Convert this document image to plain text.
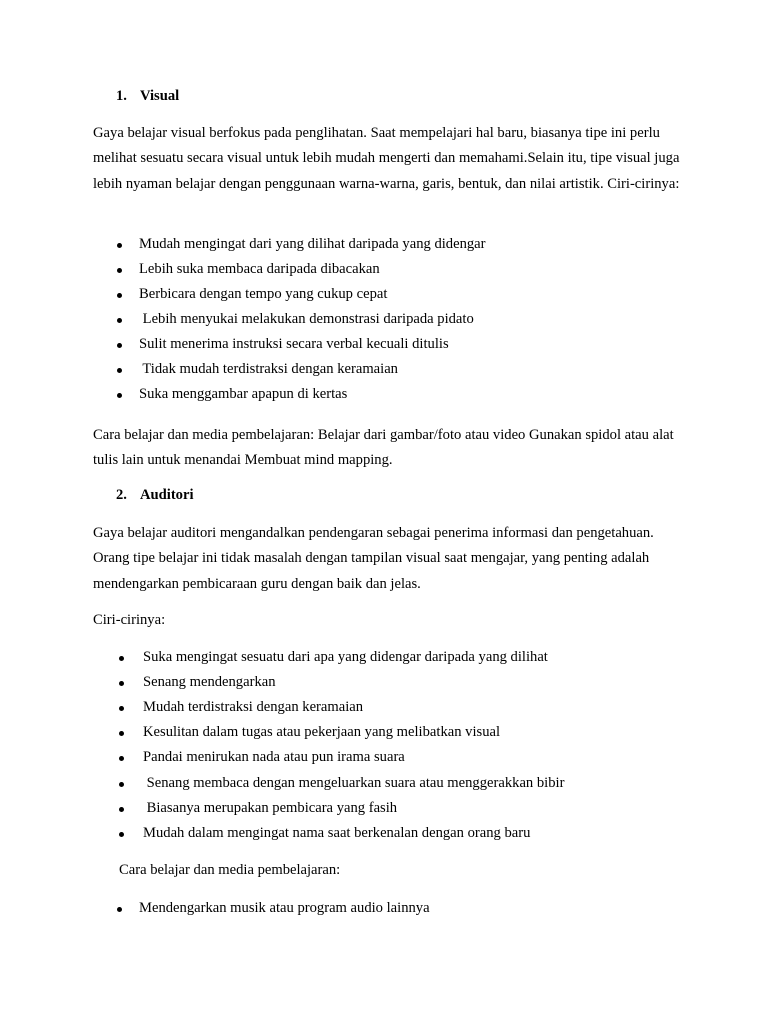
1. Visual
Gaya belajar visual berfokus pada penglihatan. Saat mempelajari hal baru, biasanya tipe ini perlu melihat sesuatu secara visual untuk lebih mudah mengerti dan memahami.Selain itu, tipe visual juga lebih nyaman belajar dengan penggunaan warna-warna, garis, bentuk, dan nilai artistik. Ciri-cirinya:
Mudah mengingat dari yang dilihat daripada yang didengar
Lebih suka membaca daripada dibacakan
Berbicara dengan tempo yang cukup cepat
Lebih menyukai melakukan demonstrasi daripada pidato
Sulit menerima instruksi secara verbal kecuali ditulis
Tidak mudah terdistraksi dengan keramaian
Suka menggambar apapun di kertas
Cara belajar dan media pembelajaran: Belajar dari gambar/foto atau video Gunakan spidol atau alat tulis lain untuk menandai Membuat mind mapping.
2. Auditori
Gaya belajar auditori mengandalkan pendengaran sebagai penerima informasi dan pengetahuan. Orang tipe belajar ini tidak masalah dengan tampilan visual saat mengajar, yang penting adalah mendengarkan pembicaraan guru dengan baik dan jelas.
Ciri-cirinya:
Suka mengingat sesuatu dari apa yang didengar daripada yang dilihat
Senang mendengarkan
Mudah terdistraksi dengan keramaian
Kesulitan dalam tugas atau pekerjaan yang melibatkan visual
Pandai menirukan nada atau pun irama suara
Senang membaca dengan mengeluarkan suara atau menggerakkan bibir
Biasanya merupakan pembicara yang fasih
Mudah dalam mengingat nama saat berkenalan dengan orang baru
Cara belajar dan media pembelajaran:
Mendengarkan musik atau program audio lainnya
